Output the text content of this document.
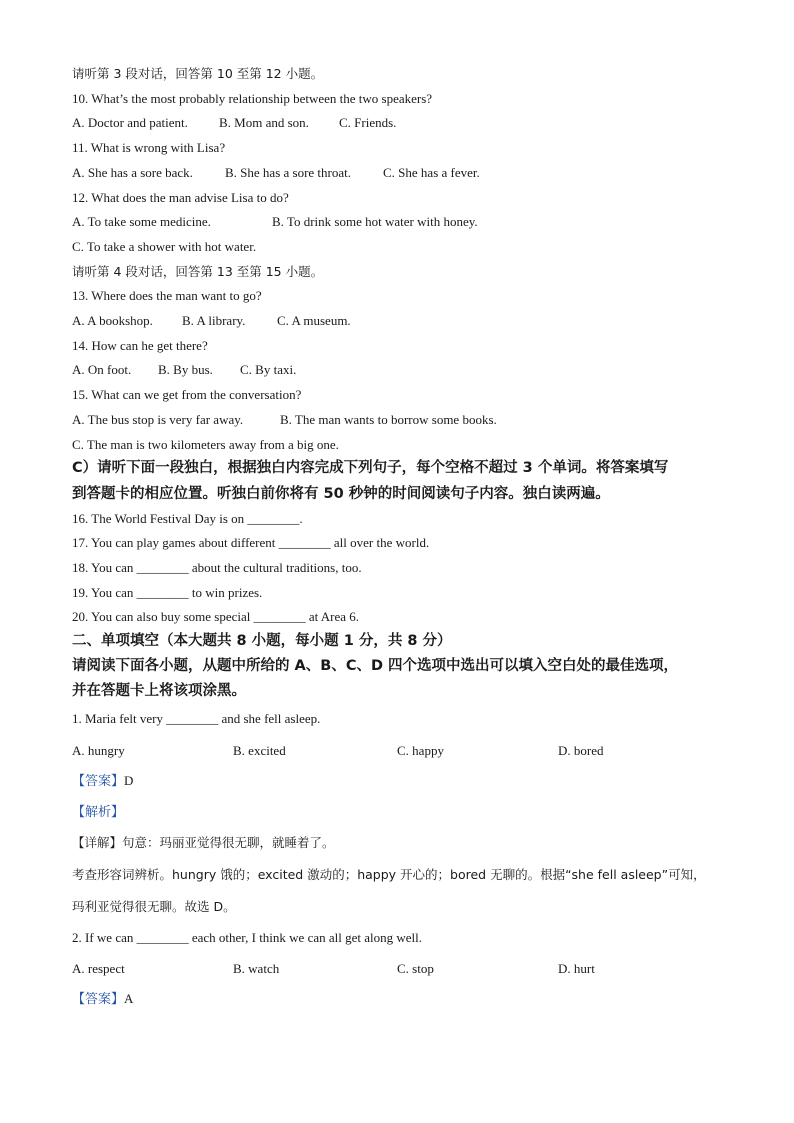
请听第 3 段对话，回答第 10 至第 12 小题。

10. What’s the most probably relationship between the two speakers?

A. Doctor and patient. B. Mom and son. C. Friends.

11. What is wrong with Lisa?

A. She has a sore back. B. She has a sore throat. C. She has a fever.

12. What does the man advise Lisa to do?

A. To take some medicine.	B. To drink some hot water with honey.
C. To take a shower with hot water.

请听第 4 段对话，回答第 13 至第 15 小题。

13. Where does the man want to go?

A. A bookshop. B. A library. C. A museum.

14. How can he get there?

A. On foot. B. By bus. C. By taxi.

15. What can we get from the conversation?

A. The bus stop is very far away.	B. The man wants to borrow some books.
C. The man is two kilometers away from a big one.

C）请听下面一段独白，根据独白内容完成下列句子，每个空格不超过 3 个单词。将答案填写

到答题卡的相应位置。听独白前你将有 50 秒钟的时间阅读句子内容。独白读两遍。

16. The World Festival Day is on ________.

17. You can play games about different ________ all over the world.

18. You can ________ about the cultural traditions, too.

19. You can ________ to win prizes.

20. You can also buy some special ________ at Area 6.

二、单项填空（本大题共 8 小题，每小题 1 分，共 8 分）

请阅读下面各小题，从题中所给的 A、B、C、D 四个选项中选出可以填入空白处的最佳选项，

并在答题卡上将该项涂黑。

1. Maria felt very ________ and she fell asleep.

A. hungry	B. excited	C. happy	D. bored

【答案】D

【解析】

【详解】句意：玛丽亚觉得很无聊，就睡着了。

考查形容词辨析。hungry 饿的；excited 激动的；happy 开心的；bored 无聊的。根据“she fell asleep”可知，

玛利亚觉得很无聊。故选 D。

2. If we can ________ each other, I think we can all get along well.

A. respect	B. watch	C. stop	D. hurt

【答案】A
